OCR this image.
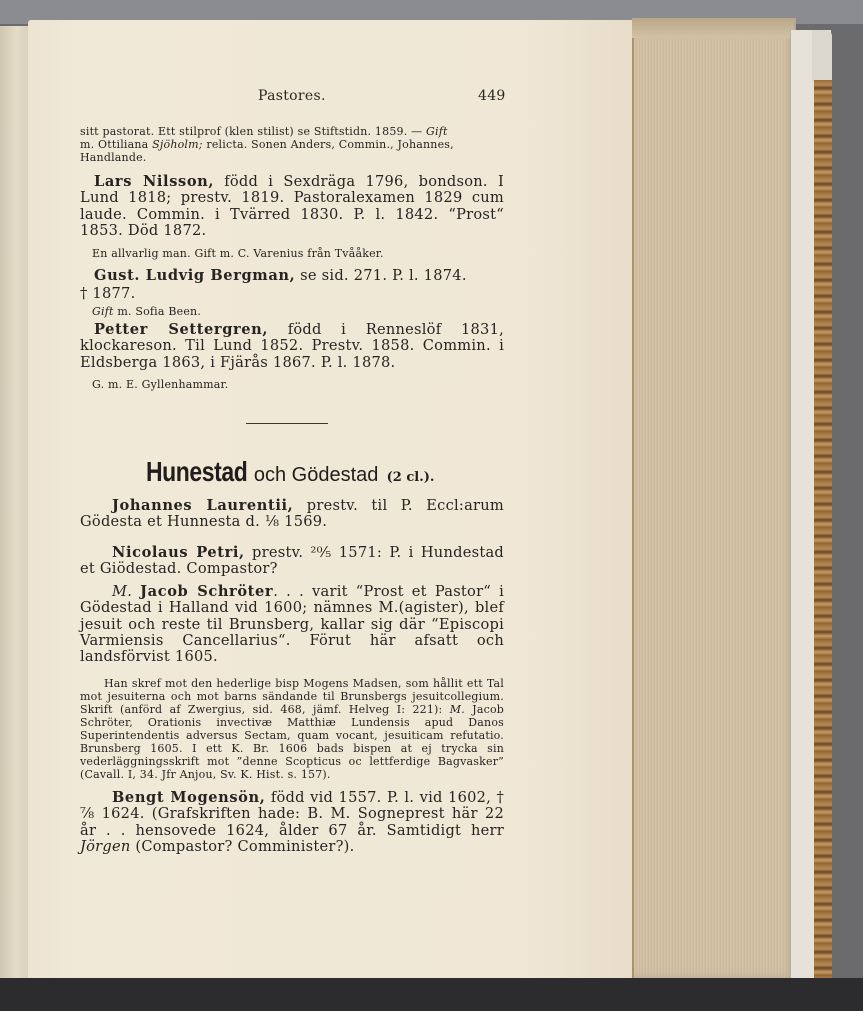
Pastores.	449

sitt pastorat. Ett stilprof (klen stilist) se Stiftstidn. 1859. — Gift

m. Ottiliana Sjöholm; relicta. Sonen Anders, Commin., Johannes,

Handlande.

Lars Nilsson, född i Sexdräga 1796, bondson. I Lund 1818; prestv. 1819. Pastoralexamen 1829 cum laude. Commin. i Tvärred 1830. P. l. 1842. “Prost“ 1853. Död 1872.

En allvarlig man. Gift m. C. Varenius från Tvååker.

Gust. Ludvig Bergman, se sid. 271. P. l. 1874.

† 1877.
Gift m. Sofia Been.

Petter Settergren, född i Renneslöf 1831, klockareson. Til Lund 1852. Prestv. 1858. Commin. i Eldsberga 1863, i Fjärås 1867. P. l. 1878.

G. m. E. Gyllenhammar.
Hunestad och Gödestad (2 cl.).

Johannes Laurentii, prestv. til P. Eccl:arum Gödesta et Hunnesta d. ⅛ 1569.

Nicolaus Petri, prestv. ²⁰⁄₅ 1571: P. i Hundestad et Giödestad. Compastor?

M. Jacob Schröter. . . varit “Prost et Pastor“ i Gödestad i Halland vid 1600; nämnes M.(agister), blef jesuit och reste til Brunsberg, kallar sig där “Episcopi Varmiensis Cancellarius“. Förut här afsatt och landsförvist 1605.

Han skref mot den hederlige bisp Mogens Madsen, som hållit ett Tal mot jesuiterna och mot barns sändande til Brunsbergs jesuitcollegium. Skrift (anförd af Zwergius, sid. 468, jämf. Helveg I: 221): M. Jacob Schröter, Orationis invectivæ Matthiæ Lundensis apud Danos Superintendentis adversus Sectam, quam vocant, jesuiticam refutatio. Brunsberg 1605. I ett K. Br. 1606 bads bispen at ej trycka sin vederläggningsskrift mot ”denne Scopticus oc lettferdige Bagvasker” (Cavall. I, 34. Jfr Anjou, Sv. K. Hist. s. 157).

Bengt Mogensön, född vid 1557. P. l. vid 1602, † ⅞ 1624. (Grafskriften hade: B. M. Sogneprest här 22 år . . hensovede 1624, ålder 67 år. Samtidigt herr Jörgen (Compastor? Comminister?).
